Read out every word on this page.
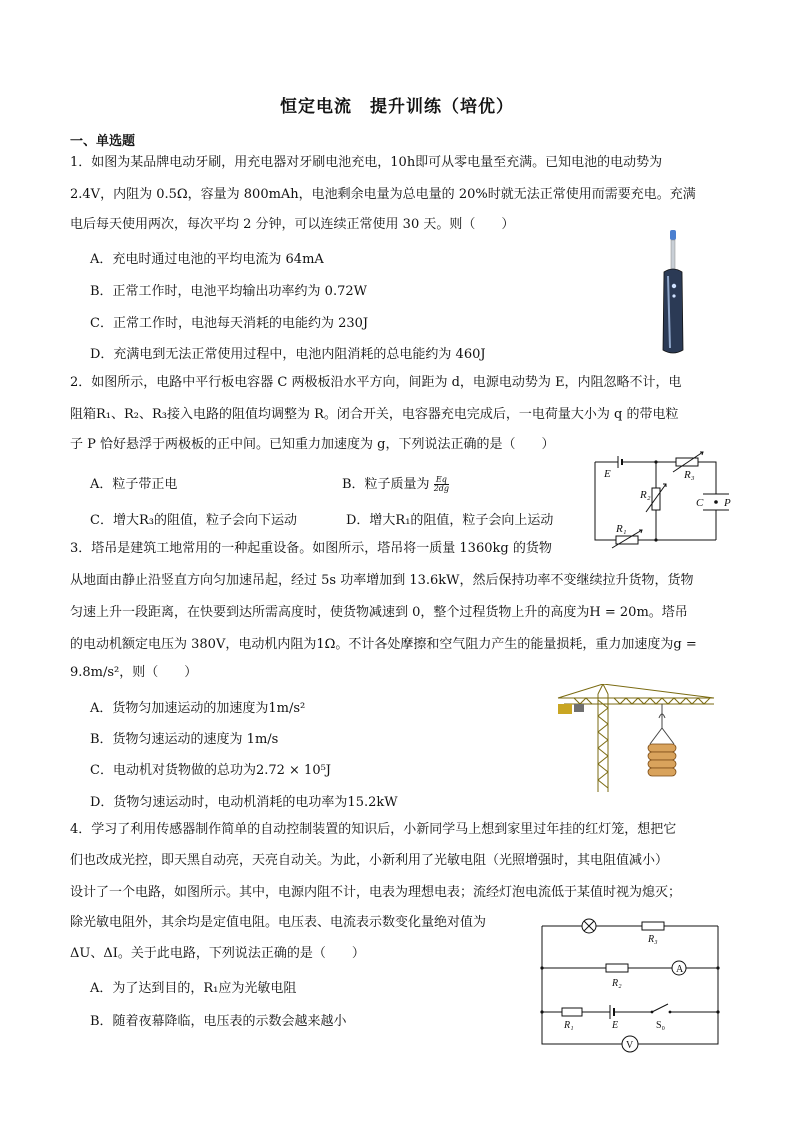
恒定电流　提升训练（培优）
一、单选题
1．如图为某品牌电动牙刷，用充电器对牙刷电池充电，10h即可从零电量至充满。已知电池的电动势为
2.4V，内阻为 0.5Ω，容量为 800mAh，电池剩余电量为总电量的 20%时就无法正常使用而需要充电。充满
电后每天使用两次，每次平均 2 分钟，可以连续正常使用 30 天。则（　　）
A．充电时通过电池的平均电流为 64mA
B．正常工作时，电池平均输出功率约为 0.72W
C．正常工作时，电池每天消耗的电能约为 230J
D．充满电到无法正常使用过程中，电池内阻消耗的总电能约为 460J
2．如图所示，电路中平行板电容器 C 两极板沿水平方向，间距为 d，电源电动势为 E，内阻忽略不计，电
阻箱R₁、R₂、R₃接入电路的阻值均调整为 R。闭合开关，电容器充电完成后，一电荷量大小为 q 的带电粒
子 P 恰好悬浮于两极板的正中间。已知重力加速度为 g，下列说法正确的是（　　）
A．粒子带正电	B．粒子质量为 $\frac{Eq}{2dg}$
C．增大R₃的阻值，粒子会向下运动	D．增大R₁的阻值，粒子会向上运动
E	R₃
R₂
C P
R₁
3．塔吊是建筑工地常用的一种起重设备。如图所示，塔吊将一质量 1360kg 的货物
从地面由静止沿竖直方向匀加速吊起，经过 5s 功率增加到 13.6kW，然后保持功率不变继续拉升货物，货物
匀速上升一段距离，在快要到达所需高度时，使货物减速到 0，整个过程货物上升的高度为H = 20m。塔吊
的电动机额定电压为 380V，电动机内阻为1Ω。不计各处摩擦和空气阻力产生的能量损耗，重力加速度为g =
9.8m/s²，则（　　）
A．货物匀加速运动的加速度为1m/s²
B．货物匀速运动的速度为 1m/s
C．电动机对货物做的总功为2.72 × 10⁵J
D．货物匀速运动时，电动机消耗的电功率为15.2kW
4．学习了利用传感器制作简单的自动控制装置的知识后，小新同学马上想到家里过年挂的红灯笼，想把它
们也改成光控，即天黑自动亮，天亮自动关。为此，小新利用了光敏电阻（光照增强时，其电阻值减小）
设计了一个电路，如图所示。其中，电源内阻不计，电表为理想电表；流经灯泡电流低于某值时视为熄灭；
除光敏电阻外，其余均是定值电阻。电压表、电流表示数变化量绝对值为
ΔU、ΔI。关于此电路，下列说法正确的是（　　）
A．为了达到目的，R₁应为光敏电阻
B．随着夜幕降临，电压表的示数会越来越小
R₃
A
R₂
R₁	E	S₀
V
